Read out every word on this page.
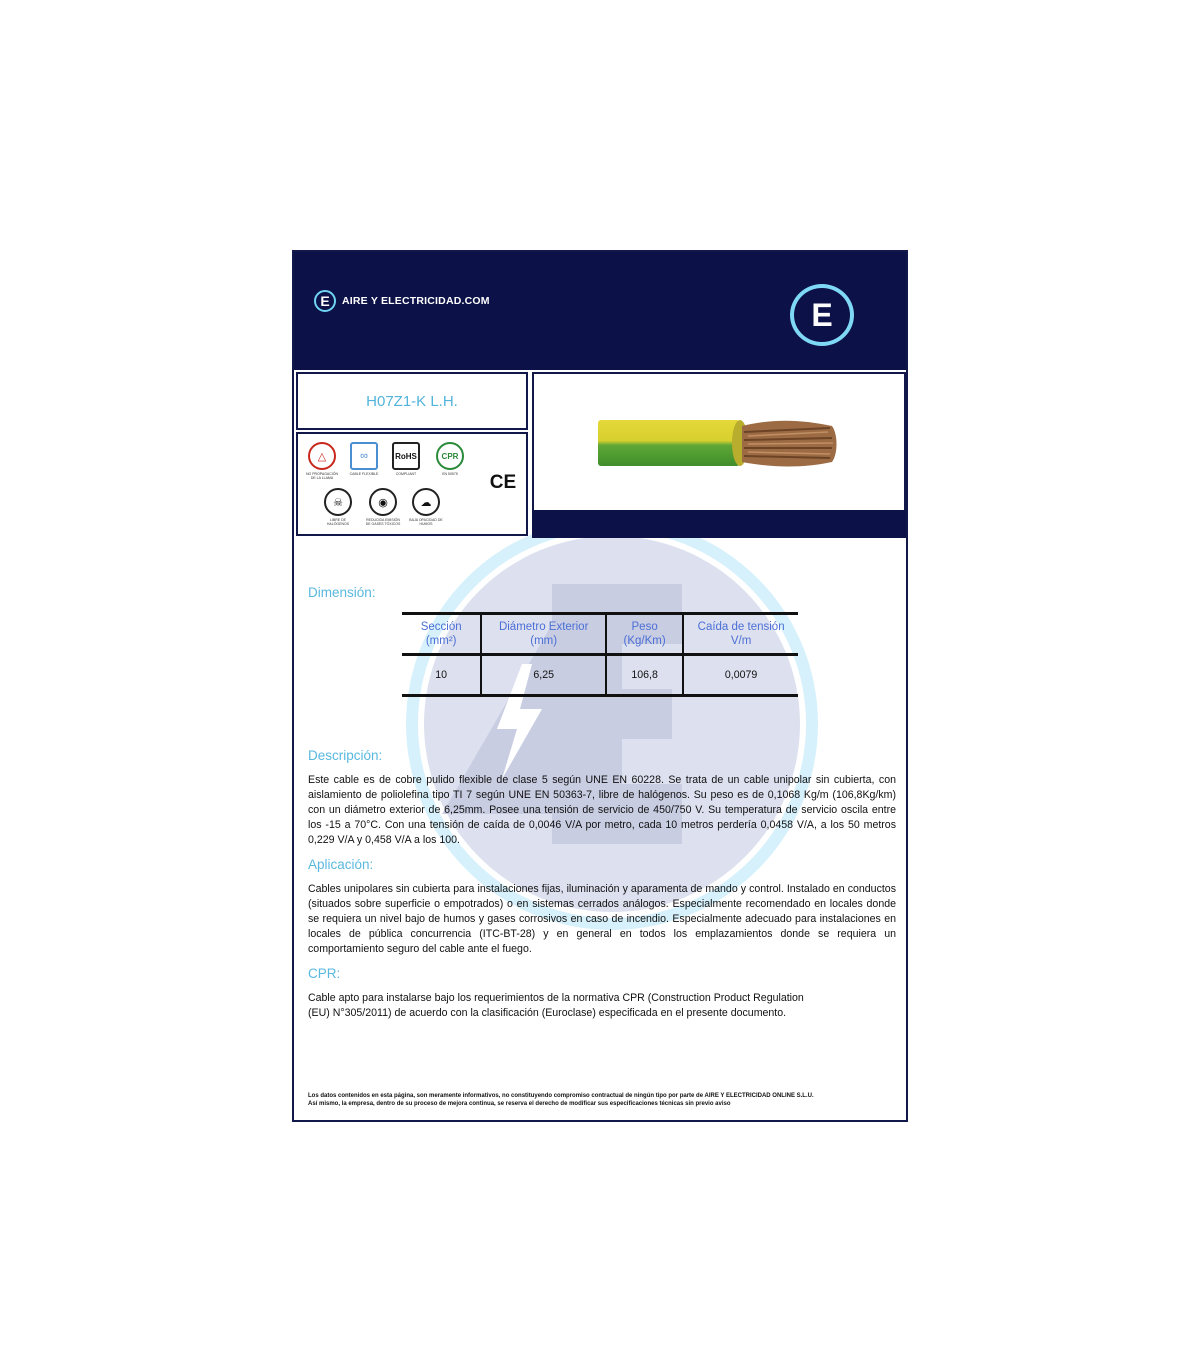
E	AIRE Y ELECTRICIDAD.COM	E
H07Z1-K L.H.
△
NO PROPAGACIÓN DE LA LLAMA
∞
CABLE FLEXIBLE
RoHS
COMPLIANT
CPR
EN 50575	CE
☠
LIBRE DE HALÓGENOS
◉
REDUCIDA EMISIÓN DE GASES TÓXICOS
☁
BAJA OPACIDAD DE HUMOS
Dimensión:
Sección (mm²)	Diámetro Exterior (mm)	Peso (Kg/Km)	Caída de tensión V/m
10	6,25	106,8	0,0079
Descripción:
Este cable es de cobre pulido flexible de clase 5 según UNE EN 60228. Se trata de un cable unipolar sin cubierta, con aislamiento de poliolefina tipo TI 7 según UNE EN 50363-7, libre de halógenos. Su peso es de 0,1068 Kg/m (106,8Kg/km) con un diámetro exterior de 6,25mm. Posee una tensión de servicio de 450/750 V. Su temperatura de servicio oscila entre los -15 a 70°C. Con una tensión de caída de 0,0046 V/A por metro, cada 10 metros perdería 0,0458 V/A, a los 50 metros 0,229 V/A y 0,458 V/A a los 100.
Aplicación:
Cables unipolares sin cubierta para instalaciones fijas, iluminación y aparamenta de mando y control. Instalado en conductos (situados sobre superficie o empotrados) o en sistemas cerrados análogos. Especialmente recomendado en locales donde se requiera un nivel bajo de humos y gases corrosivos en caso de incendio. Especialmente adecuado para instalaciones en locales de pública concurrencia (ITC-BT-28) y en general en todos los emplazamientos donde se requiera un comportamiento seguro del cable ante el fuego.
CPR:
Cable apto para instalarse bajo los requerimientos de la normativa CPR (Construction Product Regulation
(EU) N°305/2011) de acuerdo con la clasificación (Euroclase) especificada en el presente documento.
Los datos contenidos en esta página, son meramente informativos, no constituyendo compromiso contractual de ningún tipo por parte de AIRE Y ELECTRICIDAD ONLINE S.L.U.
Así mismo, la empresa, dentro de su proceso de mejora continua, se reserva el derecho de modificar sus especificaciones técnicas sin previo aviso
